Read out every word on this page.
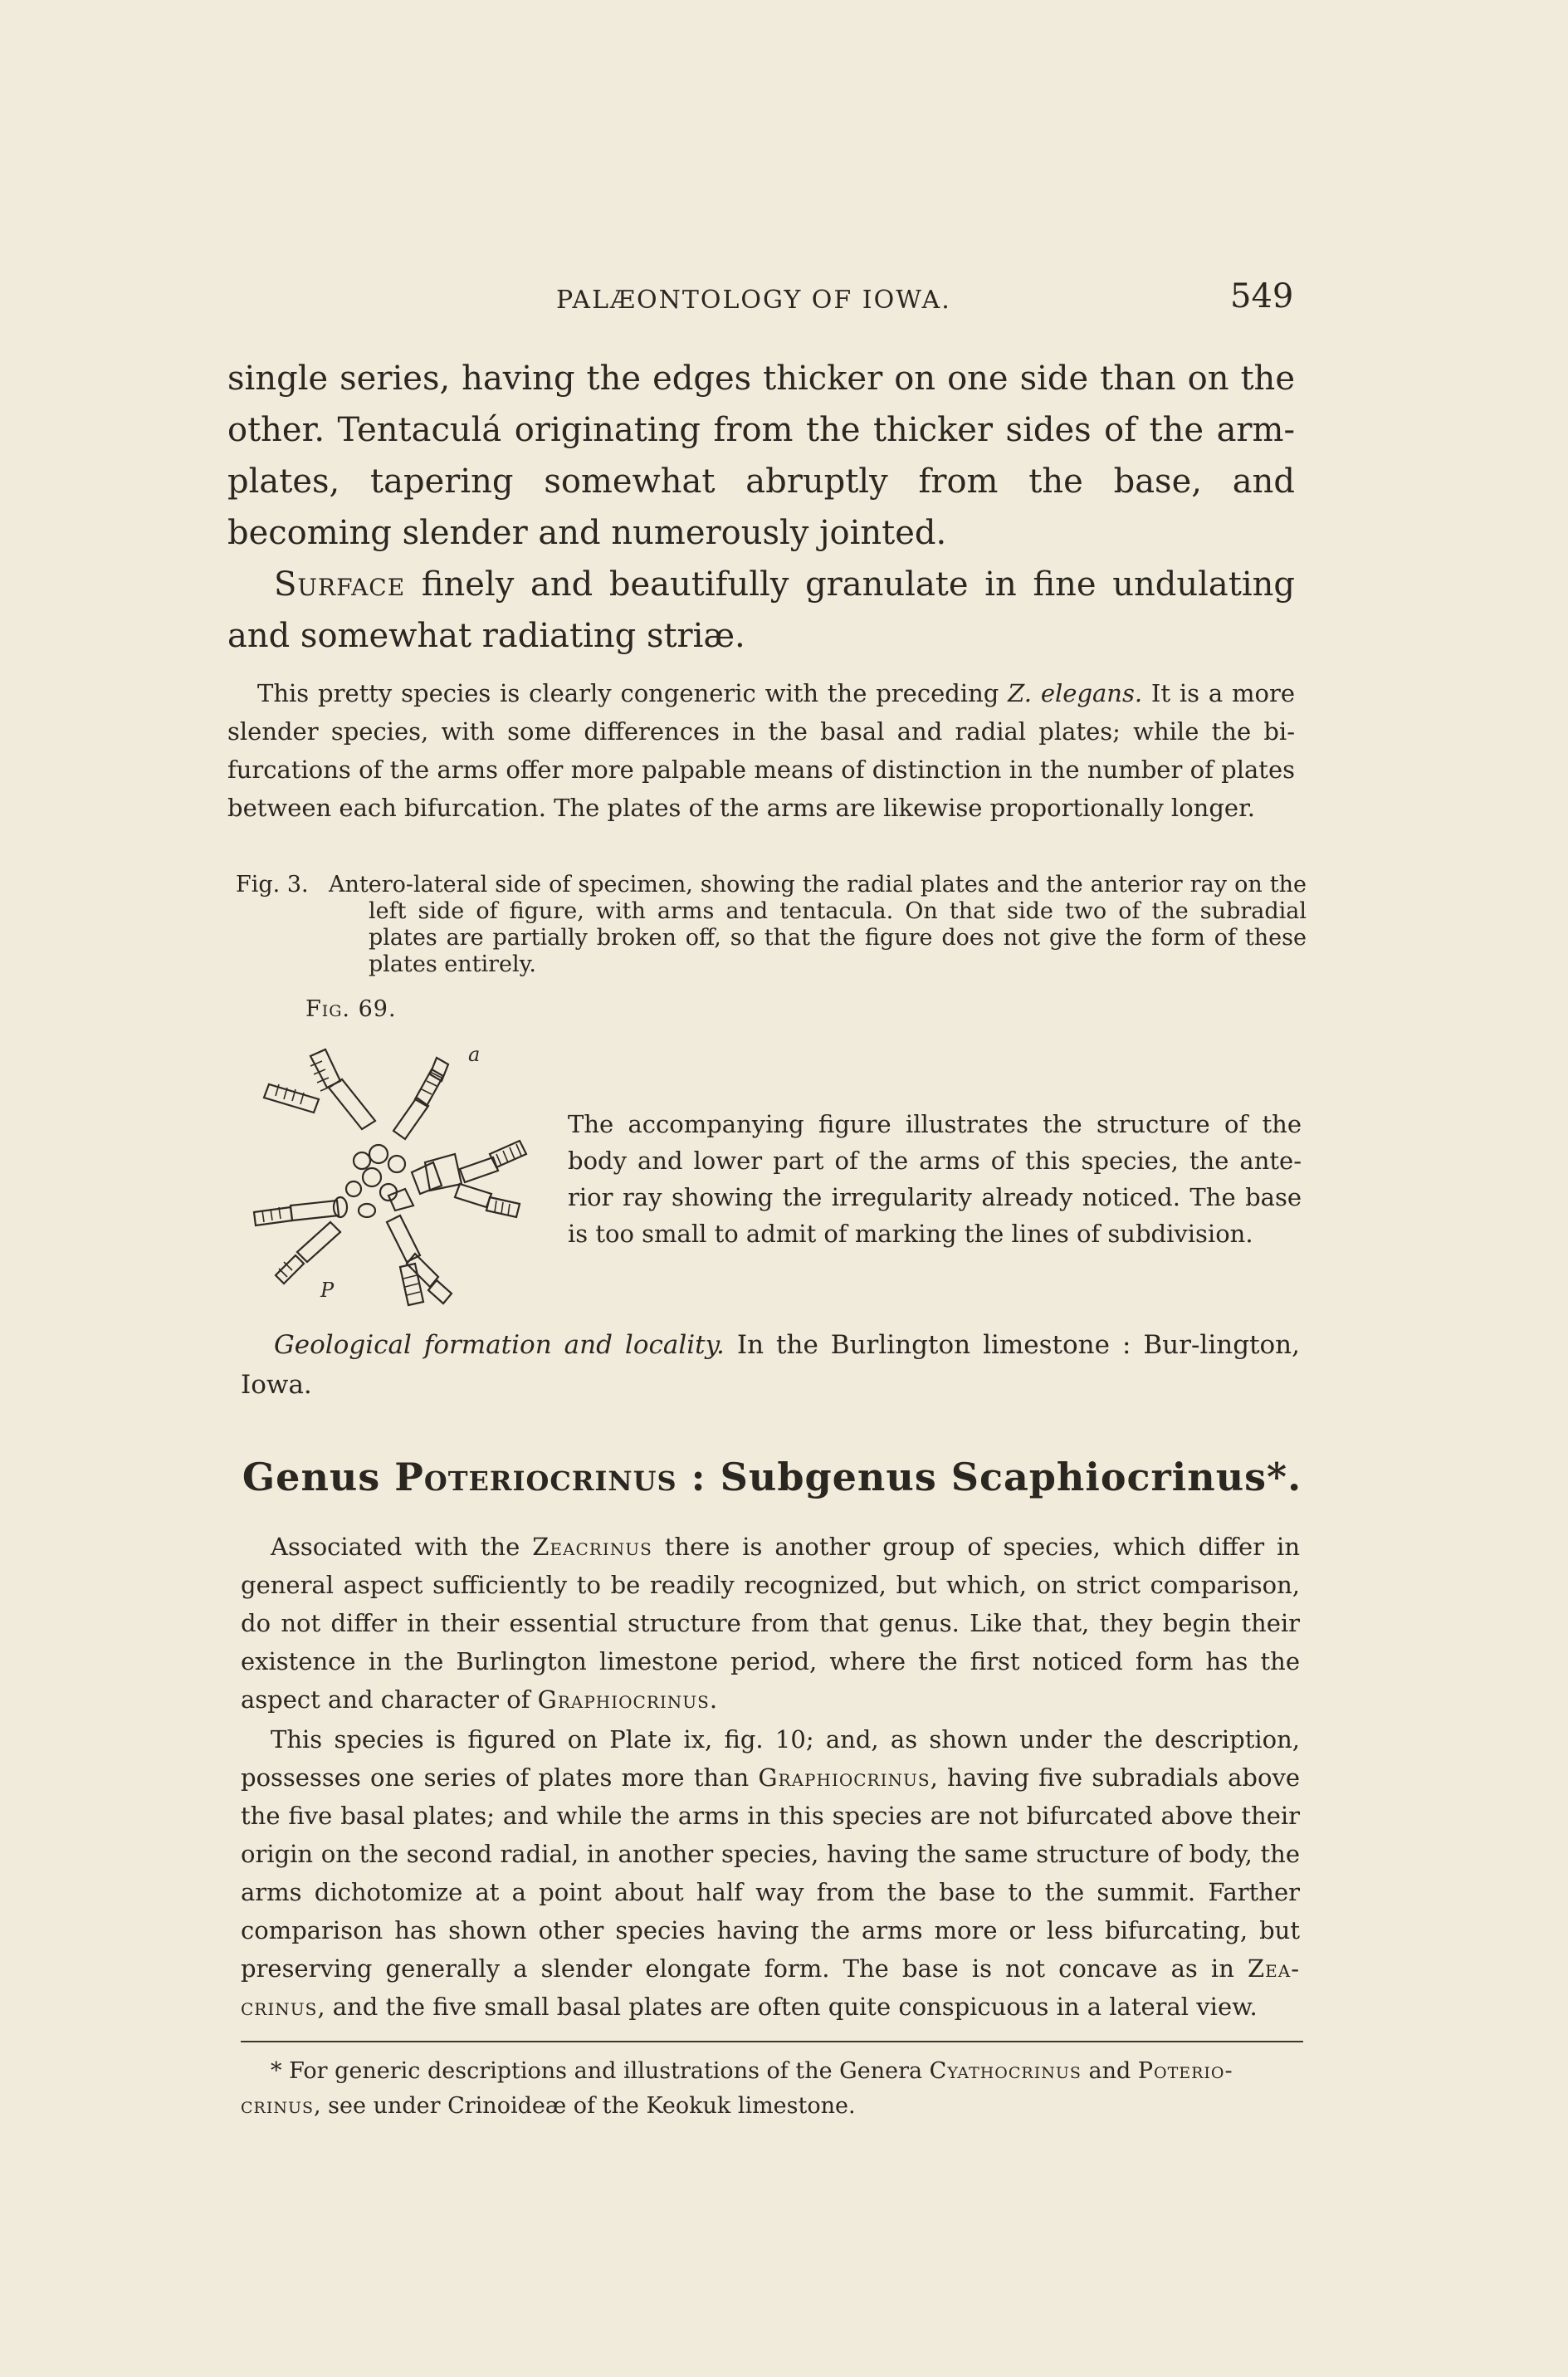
PALÆONTOLOGY OF IOWA.	549
single series, having the edges thicker on one side than on the other. Tentaculá originating from the thicker sides of the arm-plates, tapering somewhat abruptly from the base, and becoming slender and numerously jointed.
Surface finely and beautifully granulate in fine undulating and somewhat radiating striæ.
This pretty species is clearly congeneric with the preceding Z. elegans. It is a more slender species, with some differences in the basal and radial plates; while the bi-furcations of the arms offer more palpable means of distinction in the number of plates between each bifurcation. The plates of the arms are likewise proportionally longer.
Fig. 3. Antero-lateral side of specimen, showing the radial plates and the anterior ray on the left side of figure, with arms and tentacula. On that side two of the subradial plates are partially broken off, so that the figure does not give the form of these plates entirely.
Fig. 69.
a
P
The accompanying figure illustrates the structure of the body and lower part of the arms of this species, the ante-rior ray showing the irregularity already noticed. The base is too small to admit of marking the lines of subdivision.
Geological formation and locality. In the Burlington limestone : Bur-lington, Iowa.
Genus Poteriocrinus : Subgenus Scaphiocrinus*.
Associated with the Zeacrinus there is another group of species, which differ in general aspect sufficiently to be readily recognized, but which, on strict comparison, do not differ in their essential structure from that genus. Like that, they begin their existence in the Burlington limestone period, where the first noticed form has the aspect and character of Graphiocrinus.
This species is figured on Plate ix, fig. 10; and, as shown under the description, possesses one series of plates more than Graphiocrinus, having five subradials above the five basal plates; and while the arms in this species are not bifurcated above their origin on the second radial, in another species, having the same structure of body, the arms dichotomize at a point about half way from the base to the summit. Farther comparison has shown other species having the arms more or less bifurcating, but preserving generally a slender elongate form. The base is not concave as in Zea-crinus, and the five small basal plates are often quite conspicuous in a lateral view.
* For generic descriptions and illustrations of the Genera Cyathocrinus and Poterio-crinus, see under Crinoideæ of the Keokuk limestone.
